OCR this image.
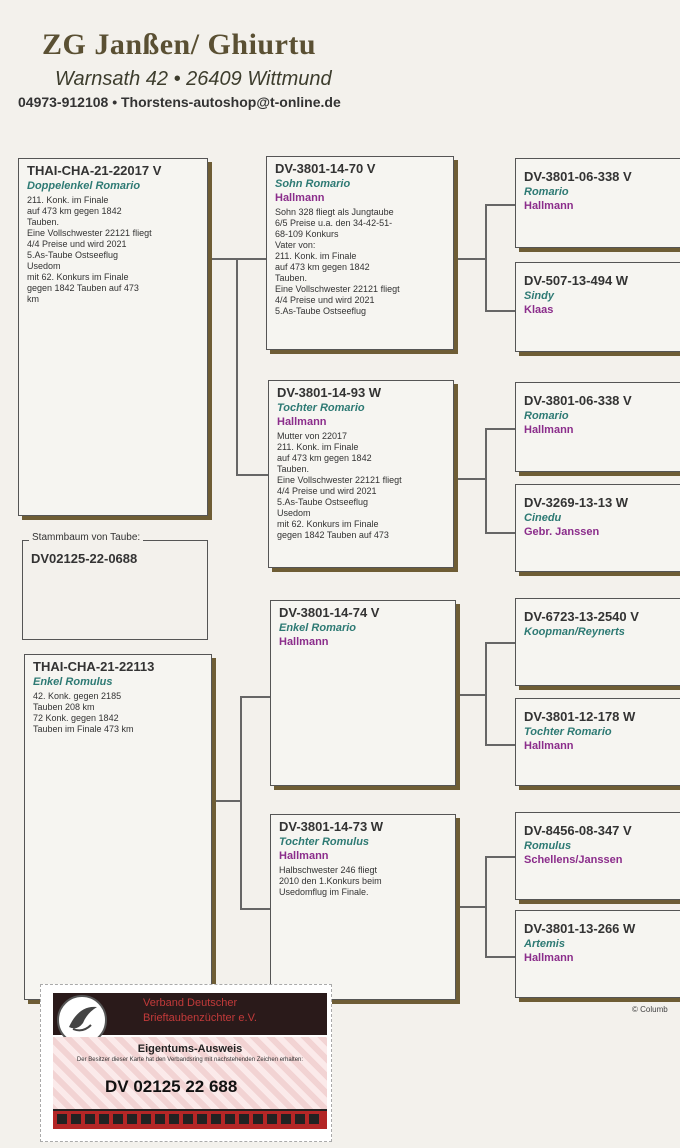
ZG Janßen/ Ghiurtu
Warnsath 42 • 26409 Wittmund
04973-912108 • Thorstens-autoshop@t-online.de
THAI-CHA-21-22017 V
Doppelenkel Romario
211. Konk. im Finale
auf 473 km gegen 1842
Tauben.
Eine Vollschwester 22121 fliegt
4/4 Preise und wird 2021
5.As-Taube Ostseeflug
Usedom
mit 62. Konkurs im Finale
gegen 1842 Tauben auf 473
km
Stammbaum von Taube:
DV02125-22-0688
THAI-CHA-21-22113
Enkel Romulus
42. Konk. gegen 2185
Tauben 208 km
72 Konk. gegen 1842
Tauben im Finale 473 km
DV-3801-14-70 V
Sohn Romario
Hallmann
Sohn 328 fliegt als Jungtaube
6/5 Preise u.a. den 34-42-51-
68-109 Konkurs
Vater von:
211. Konk. im Finale
auf 473 km gegen 1842
Tauben.
Eine Vollschwester 22121 fliegt
4/4 Preise und wird 2021
5.As-Taube Ostseeflug
DV-3801-14-93 W
Tochter Romario
Hallmann
Mutter von 22017
211. Konk. im Finale
auf 473 km gegen 1842
Tauben.
Eine Vollschwester 22121 fliegt
4/4 Preise und wird 2021
5.As-Taube Ostseeflug
Usedom
mit 62. Konkurs im Finale
gegen 1842 Tauben auf 473
DV-3801-14-74 V
Enkel Romario
Hallmann
DV-3801-14-73 W
Tochter Romulus
Hallmann
Halbschwester 246 fliegt
2010 den 1.Konkurs beim
Usedomflug im Finale.
DV-3801-06-338 V
Romario
Hallmann
DV-507-13-494 W
Sindy
Klaas
DV-3801-06-338 V
Romario
Hallmann
DV-3269-13-13 W
Cinedu
Gebr. Janssen
DV-6723-13-2540 V
Koopman/Reynerts
DV-3801-12-178 W
Tochter Romario
Hallmann
DV-8456-08-347 V
Romulus
Schellens/Janssen
DV-3801-13-266 W
Artemis
Hallmann
© Columb
Verband Deutscher
Brieftaubenzüchter e.V.
Eigentums-Ausweis
Der Besitzer dieser Karte hat den Verbandsring mit nachstehenden Zeichen erhalten:
DV 02125 22 688
